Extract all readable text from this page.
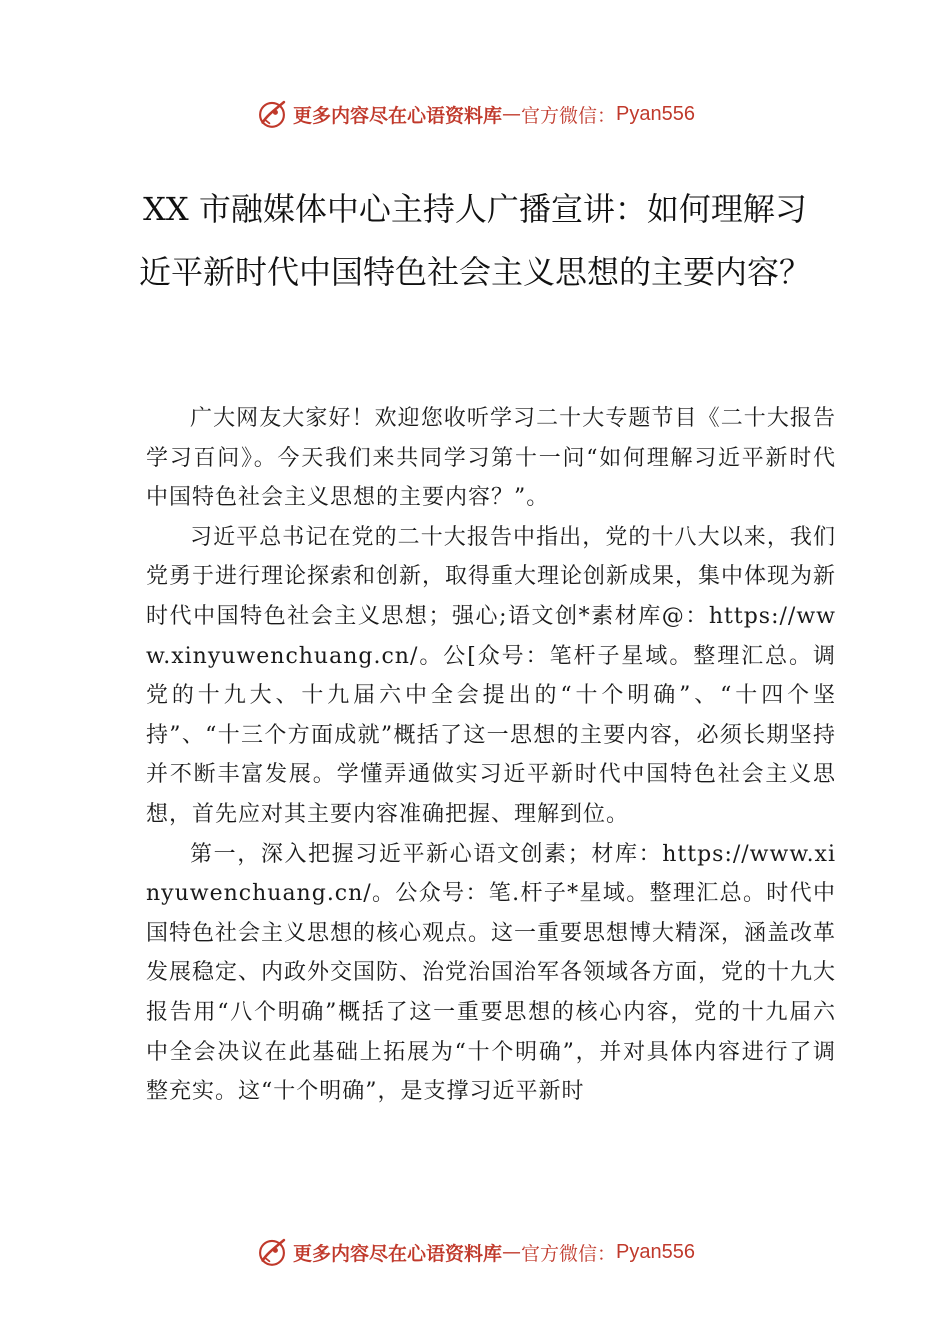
更多内容尽在心语资料库 — 官方微信： Pyan556
XX 市融媒体中心主持人广播宣讲：如何理解习近平新时代中国特色社会主义思想的主要内容？

广大网友大家好！欢迎您收听学习二十大专题节目《二十大报告学习百问》。今天我们来共同学习第十一问“如何理解习近平新时代中国特色社会主义思想的主要内容？”。

习近平总书记在党的二十大报告中指出，党的十八大以来，我们党勇于进行理论探索和创新，取得重大理论创新成果，集中体现为新时代中国特色社会主义思想；强心;语文创*素材库@：https://www.xinyuwenchuang.cn/。公[众号：笔杆子星域。整理汇总。调党的十九大、十九届六中全会提出的“十个明确”、“十四个坚持”、“十三个方面成就”概括了这一思想的主要内容，必须长期坚持并不断丰富发展。学懂弄通做实习近平新时代中国特色社会主义思想，首先应对其主要内容准确把握、理解到位。

第一，深入把握习近平新心语文创素；材库：https://www.xinyuwenchuang.cn/。公众号：笔.杆子*星域。整理汇总。时代中国特色社会主义思想的核心观点。这一重要思想博大精深，涵盖改革发展稳定、内政外交国防、治党治国治军各领域各方面，党的十九大报告用“八个明确”概括了这一重要思想的核心内容，党的十九届六中全会决议在此基础上拓展为“十个明确”，并对具体内容进行了调整充实。这“十个明确”，是支撑习近平新时

更多内容尽在心语资料库 — 官方微信： Pyan556
